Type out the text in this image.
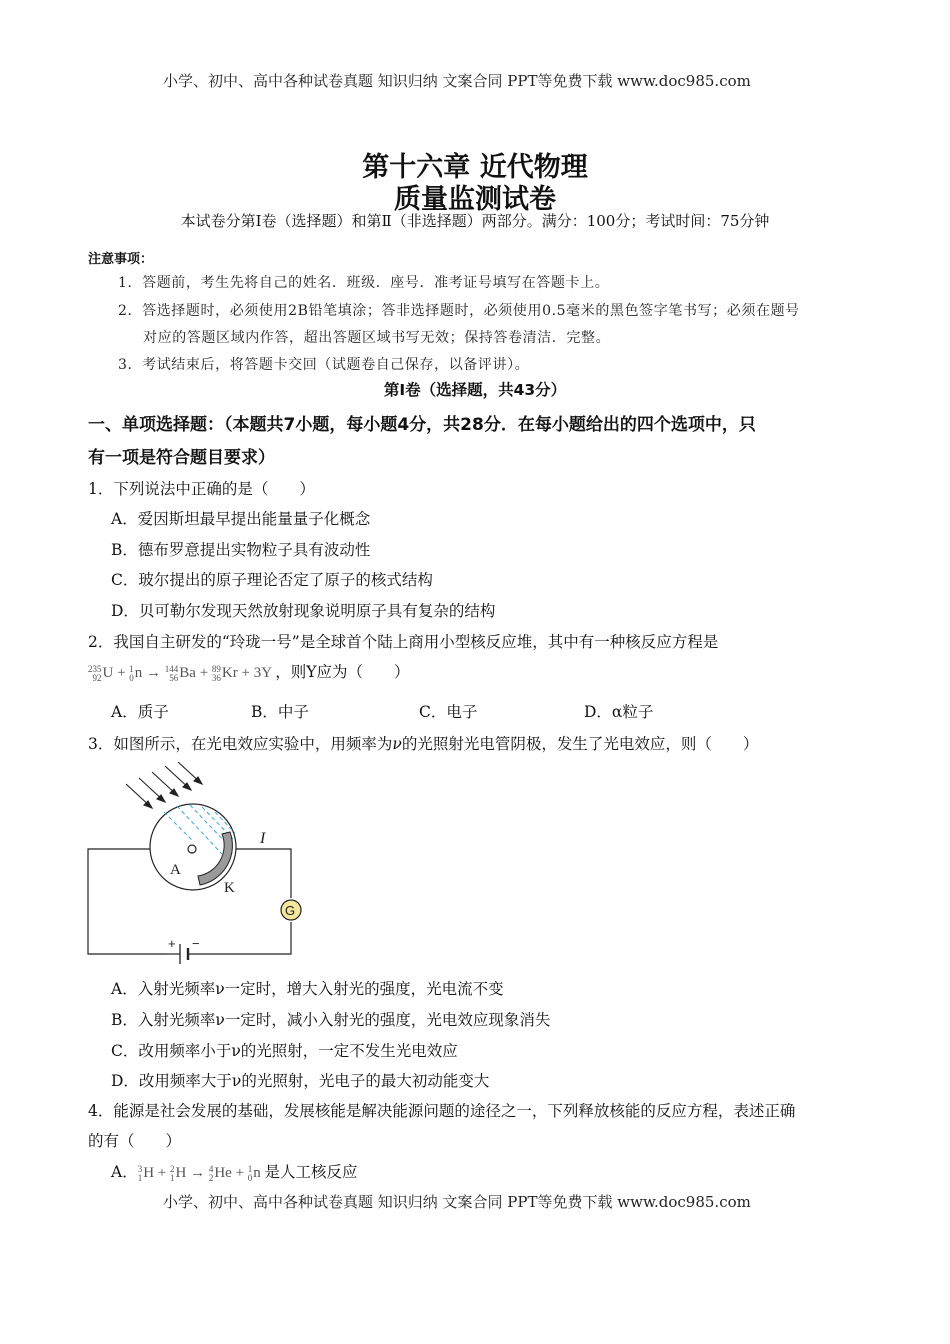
小学、初中、高中各种试卷真题 知识归纳 文案合同 PPT等免费下载 www.doc985.com
第十六章 近代物理
质量监测试卷
本试卷分第Ⅰ卷（选择题）和第Ⅱ（非选择题）两部分。满分：100分；考试时间：75分钟
注意事项：
1．答题前，考生先将自己的姓名．班级．座号．准考证号填写在答题卡上。
2．答选择题时，必须使用2B铅笔填涂；答非选择题时，必须使用0.5毫米的黑色签字笔书写；必须在题号
对应的答题区域内作答，超出答题区域书写无效；保持答卷清洁．完整。
3．考试结束后，将答题卡交回（试题卷自己保存，以备评讲）。
第Ⅰ卷（选择题，共43分）
一、单项选择题：（本题共7小题，每小题4分，共28分．在每小题给出的四个选项中，只
有一项是符合题目要求）
1．下列说法中正确的是（　　）
A．爱因斯坦最早提出能量量子化概念
B．德布罗意提出实物粒子具有波动性
C．玻尔提出的原子理论否定了原子的核式结构
D．贝可勒尔发现天然放射现象说明原子具有复杂的结构
2．我国自主研发的“玲珑一号”是全球首个陆上商用小型核反应堆，其中有一种核反应方程是
235
92U + 1
0n → 144
56Ba + 89
36Kr + 3Y ，则Y应为（　　）
A．质子	B．中子	C．电子	D．α粒子
3．如图所示，在光电效应实验中，用频率为ν的光照射光电管阴极，发生了光电效应，则（　　）
I
A
K
G
+ −
A．入射光频率ν一定时，增大入射光的强度，光电流不变
B．入射光频率ν一定时，减小入射光的强度，光电效应现象消失
C．改用频率小于ν的光照射，一定不发生光电效应
D．改用频率大于ν的光照射，光电子的最大初动能变大
4．能源是社会发展的基础，发展核能是解决能源问题的途径之一，下列释放核能的反应方程，表述正确
的有（　　）
A．3
1H + 2
1H → 4
2He + 1
0n 是人工核反应
小学、初中、高中各种试卷真题 知识归纳 文案合同 PPT等免费下载 www.doc985.com
